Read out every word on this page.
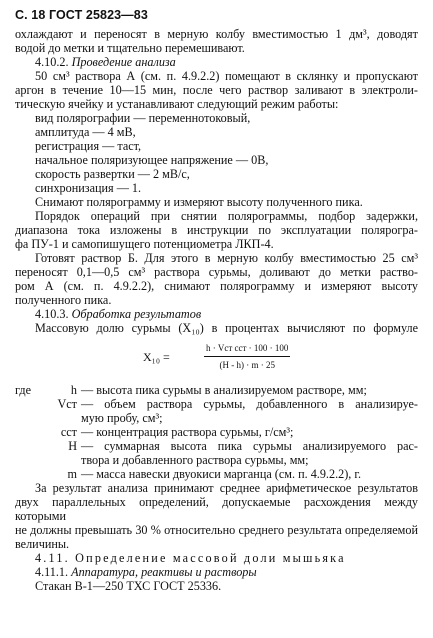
С. 18 ГОСТ 25823—83

охлаждают и переносят в мерную колбу вместимостью 1 дм³, доводят

водой до метки и тщательно перемешивают.

4.10.2. Проведение анализа

50 см³ раствора А (см. п. 4.9.2.2) помещают в склянку и пропускают

аргон в течение 10—15 мин, после чего раствор заливают в электроли-

тическую ячейку и устанавливают следующий режим работы:

вид полярографии — переменнотоковый,

амплитуда — 4 мВ,

регистрация — таст,

начальное поляризующее напряжение — 0В,

скорость развертки — 2 мВ/с,

синхронизация — 1.

Снимают полярограмму и измеряют высоту полученного пика.

Порядок операций при снятии полярограммы, подбор задержки,

диапазона тока изложены в инструкции по эксплуатации полярогра-

фа ПУ-1 и самопишущего потенциометра ЛКП-4.

Готовят раствор Б. Для этого в мерную колбу вместимостью 25 см³

переносят 0,1—0,5 см³ раствора сурьмы, доливают до метки раство-

ром А (см. п. 4.9.2.2), снимают полярограмму и измеряют высоту

полученного пика.

4.10.3. Обработка результатов

Массовую долю сурьмы (X₁₀) в процентах вычисляют по формуле

X₁₀ =
h · Vст cст · 100 · 100
(H - h) · m · 25
где	h — высота пика сурьмы в анализируемом растворе, мм;
Vст — объем раствора сурьмы, добавленного в анализируе-

мую пробу, см³;

cст — концентрация раствора сурьмы, г/см³;
H — суммарная высота пика сурьмы анализируемого рас-

твора и добавленного раствора сурьмы, мм;

m — масса навески двуокиси марганца (см. п. 4.9.2.2), г.

За результат анализа принимают среднее арифметическое результатов

двух параллельных определений, допускаемые расхождения между которыми

не должны превышать 30 % относительно среднего результата определяемой

величины.

4.11. Определение массовой доли мышьяка

4.11.1. Аппаратура, реактивы и растворы

Стакан В-1—250 ТХС ГОСТ 25336.
